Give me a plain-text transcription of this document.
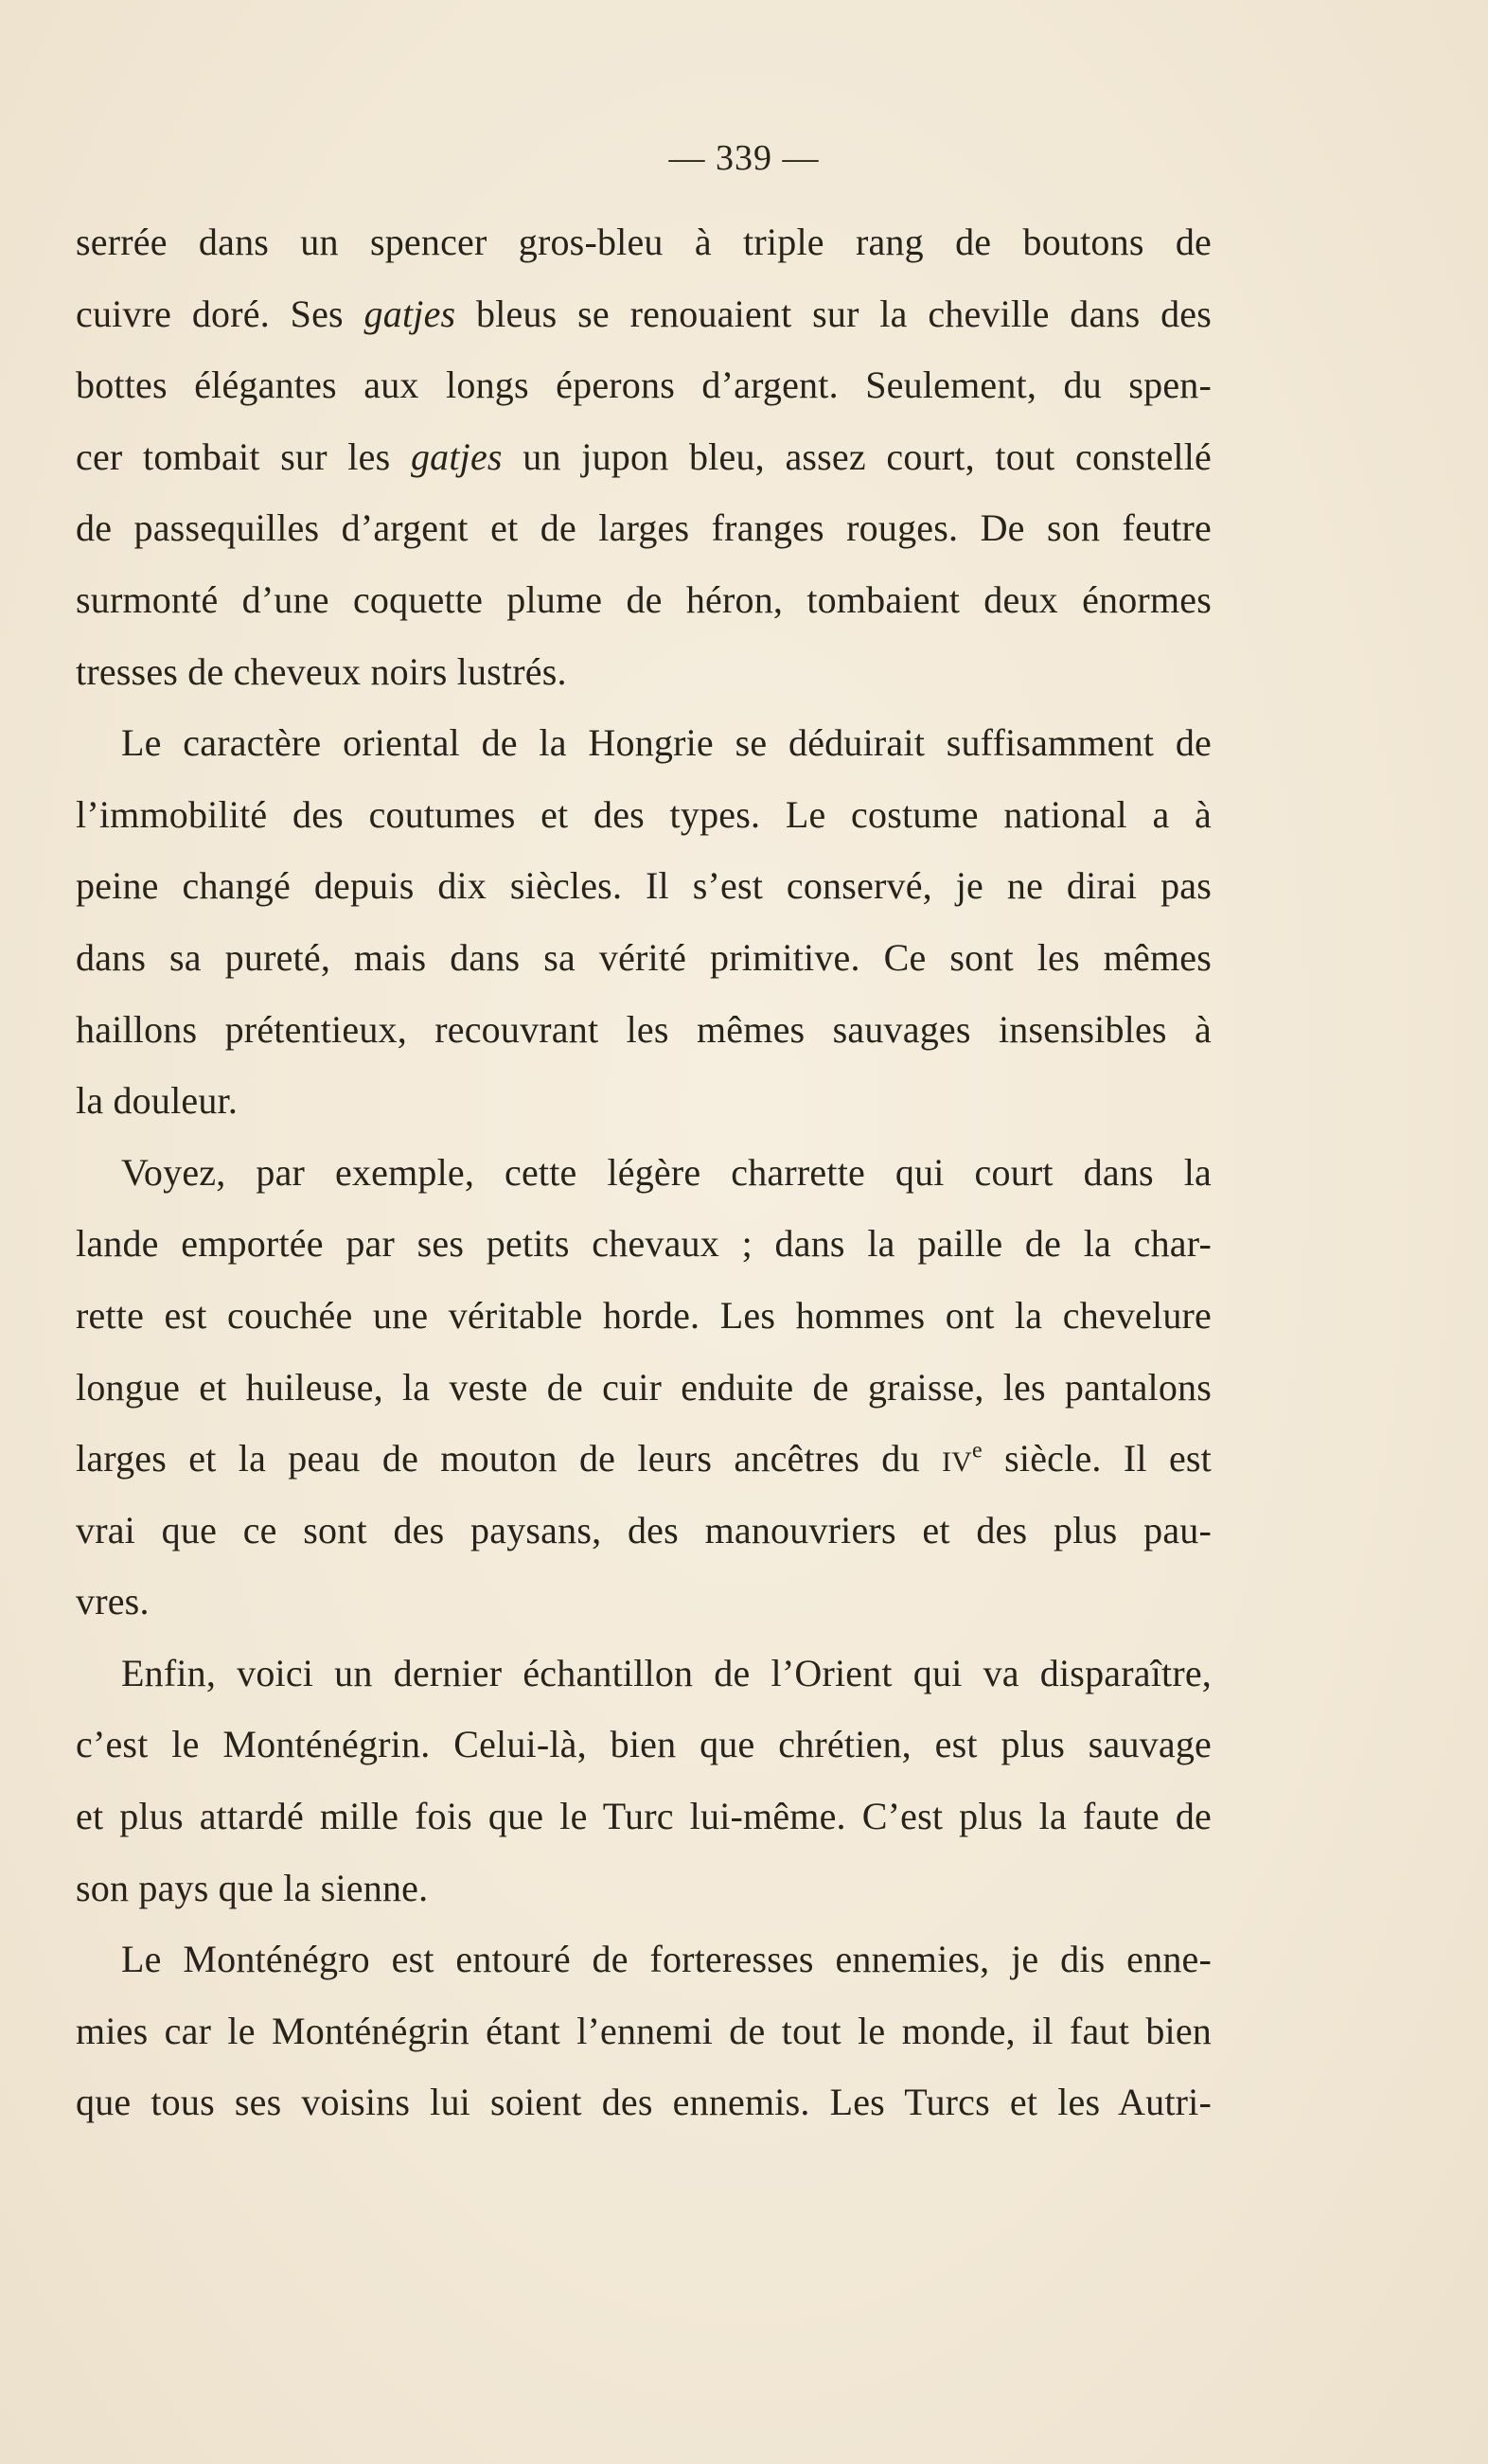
— 339 —
serrée dans un spencer gros-bleu à triple rang de boutons de
cuivre doré. Ses gatjes bleus se renouaient sur la cheville dans des
bottes élégantes aux longs éperons d’argent. Seulement, du spen-
cer tombait sur les gatjes un jupon bleu, assez court, tout constellé
de passequilles d’argent et de larges franges rouges. De son feutre
surmonté d’une coquette plume de héron, tombaient deux énormes
tresses de cheveux noirs lustrés.
Le caractère oriental de la Hongrie se déduirait suffisamment de
l’immobilité des coutumes et des types. Le costume national a à
peine changé depuis dix siècles. Il s’est conservé, je ne dirai pas
dans sa pureté, mais dans sa vérité primitive. Ce sont les mêmes
haillons prétentieux, recouvrant les mêmes sauvages insensibles à
la douleur.
Voyez, par exemple, cette légère charrette qui court dans la
lande emportée par ses petits chevaux ; dans la paille de la char-
rette est couchée une véritable horde. Les hommes ont la chevelure
longue et huileuse, la veste de cuir enduite de graisse, les pantalons
larges et la peau de mouton de leurs ancêtres du IVe siècle. Il est
vrai que ce sont des paysans, des manouvriers et des plus pau-
vres.
Enfin, voici un dernier échantillon de l’Orient qui va disparaître,
c’est le Monténégrin. Celui-là, bien que chrétien, est plus sauvage
et plus attardé mille fois que le Turc lui-même. C’est plus la faute de
son pays que la sienne.
Le Monténégro est entouré de forteresses ennemies, je dis enne-
mies car le Monténégrin étant l’ennemi de tout le monde, il faut bien
que tous ses voisins lui soient des ennemis. Les Turcs et les Autri-
